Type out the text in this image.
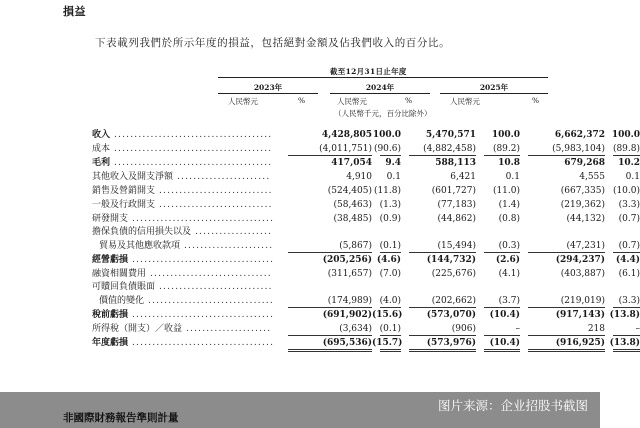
損益
下表載列我們於所示年度的損益，包括絕對金額及佔我們收入的百分比。
截至12月31日止年度
2023年	2024年	2025年
人民幣元	%	人民幣元	%
（人民幣千元，百分比除外）
人民幣元	%
收入 .......................................	4,428,805 100.0	5,470,571	100.0	6,662,372 100.0
成本 .......................................	(4,011,751) (90.6)	(4,882,458)	(89.2)	(5,983,104) (89.8)
毛利 .......................................	417,054	9.4	588,113	10.8	679,268	10.2
其他收入及開支淨額 .......................	4,910	0.1	6,421	0.1	4,555	0.1
銷售及營銷開支 ............................	(524,405) (11.8)	(601,727)	(11.0)	(667,335) (10.0)
一般及行政開支 ............................	(58,463) (1.3)	(77,183)	(1.4)	(219,362)	(3.3)
研發開支 ...................................	(38,485) (0.9)	(44,862)	(0.8)	(44,132)	(0.7)
擔保負債的信用損失以及 ...................
貿易及其他應收款項 ......................	(5,867) (0.1)	(15,494)	(0.3)	(47,231)	(0.7)
經營虧損 ...................................	(205,256) (4.6)	(144,732)	(2.6)	(294,237)	(4.4)
融資相關費用 ..............................	(311,657) (7.0)	(225,676)	(4.1)	(403,887)	(6.1)
可贖回負債賬面 ............................
價值的變化 ...............................	(174,989) (4.0)	(202,662)	(3.7)	(219,019)	(3.3)
稅前虧損 ...................................	(691,902) (15.6)	(573,070)	(10.4)	(917,143) (13.8)
所得稅（開支）／收益 .....................	(3,634) (0.1)	(906)	–	218	–
年度虧損 ...................................	(695,536) (15.7)	(573,976)	(10.4)	(916,925) (13.8)
非國際財務報告準則計量
图片来源：企业招股书截图
